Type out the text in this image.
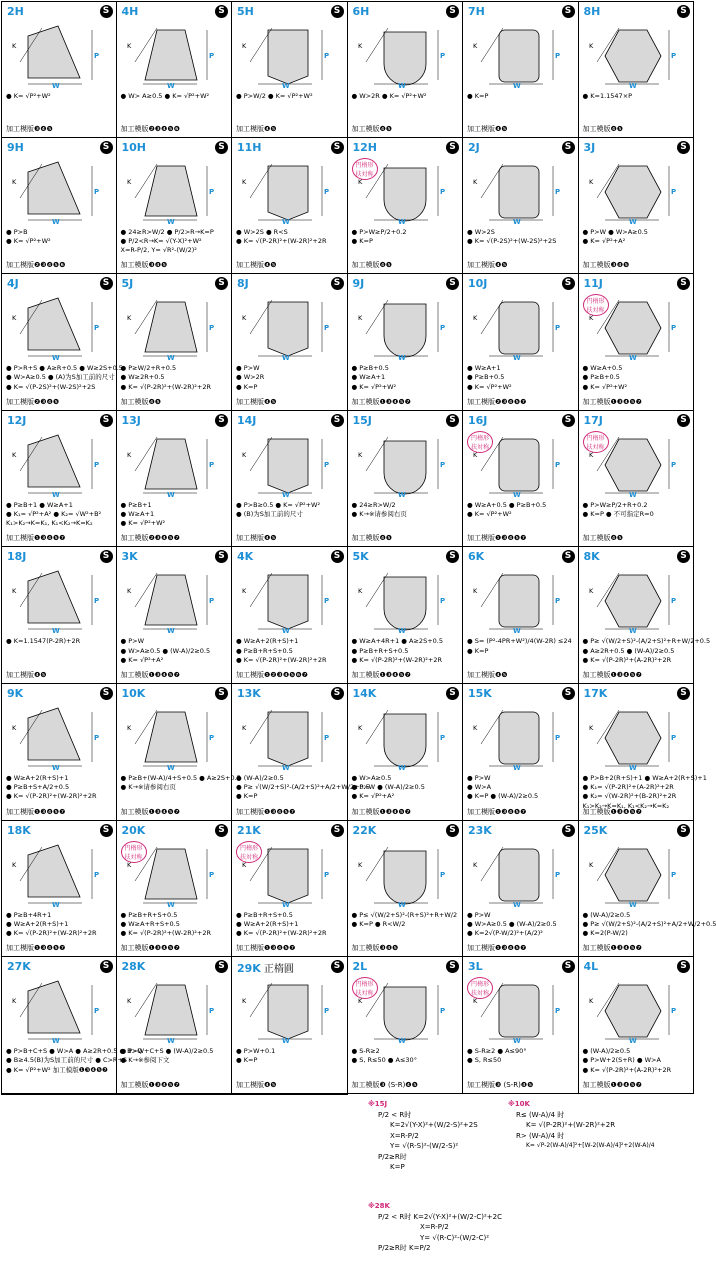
2H	S
W
P
K
● K= √P²+W²
加工模版❸❹❺
4H	S
W
P
K
● W> A≥0.5 ● K= √P²+W²
加工模版❷❸❹❺❻
5H	S
W
P
K
● P>W/2 ● K= √P²+W²
加工模版❹❺
6H	S
W
P
K
● W>2R ● K= √P²+W²
加工模版❹❺
7H	S
W
P
K
● K=P
加工模版❹❺
8H	S
W
P
K
● K=1.1547×P
加工模版❹❺
9H	S
W
P
K
● P>B
● K= √P²+W²
加工模版❷❸❹❺❻
10H	S
W
P
K
● 24≥R>W/2 ● P/2>R→K=P
● P/2<R→K= √(Y-X)²+W²
X=R-P/2, Y= √R²-(W/2)²
加工模版❸❹❺
11H	S
W
P
K
● W>2S ● R<S
● K= √(P-2R)²+(W-2R)²+2R
加工模版❹❺
12H	S
円楕形 扶対称
W
P
K
● P>W≥P/2+0.2
● K=P
加工模版❹❺
2J	S
W
P
K
● W>2S
● K= √(P-2S)²+(W-2S)²+2S
加工模版❹❺
3J	S
W
P
K
● P>W ● W>A≥0.5
● K= √P²+A²
加工模版❸❹❺
4J	S
W
P
K
● P>R+S ● A≥R+0.5 ● W≥2S+0.5
● W>A≥0.5 ● (A)为S加工前的尺寸
● K= √(P-2S)²+(W-2S)²+2S
加工模版❷❸❹❺
5J	S
W
P
K
● P≥W/2+R+0.5
● W≥2R+0.5
● K= √(P-2R)²+(W-2R)²+2R
加工模版❹❺
8J	S
W
P
K
● P>W
● W>2R
● K=P
加工模版❹❺
9J	S
W
P
K
● P≥B+0.5
● W≥A+1
● K= √P²+W²
加工模版❶❸❹❺❼
10J	S
W
P
K
● W≥A+1
● P≥B+0.5
● K= √P²+W²
加工模版❷❸❹❺❼
11J	S
円楕形 扶対称
W
P
K
● W≥A+0.5
● P≥B+0.5
● K= √P²+W²
加工模版❶❸❹❺❼
12J	S
W
P
K
● P≥B+1 ● W≥A+1
● K₁= √P²+A² ● K₂= √W²+B²
K₁>K₂→K=K₁, K₁<K₂→K=K₂
加工模版❶❸❹❺❼
13J	S
W
P
K
● P≥B+1
● W≥A+1
● K= √P²+W²
加工模版❷❸❹❺❼
14J	S
W
P
K
● P>B≥0.5 ● K= √P²+W²
● (B)为S加工前的尺寸
加工模版❹❺
15J	S
W
P
K
● 24≥R>W/2
● K→※请参阅右页
加工模版❹❺
16J	S
円楕形 扶対称
W
P
K
● W≥A+0.5 ● P≥B+0.5
● K= √P²+W²
加工模版❶❸❹❺❼
17J	S
円楕形 扶対称
W
P
K
● P>W≥P/2+R+0.2
● K=P ● 不可指定R=0
加工模版❹❺
18J	S
W
P
K
● K=1.1547(P-2R)+2R
加工模版❹❺
3K	S
W
P
K
● P>W
● W>A≥0.5 ● (W-A)/2≥0.5
● K= √P²+A²
加工模版❶❸❹❺❼
4K	S
W
P
K
● W≥A+2(R+S)+1
● P≥B+R+S+0.5
● K= √(P-2R)²+(W-2R)²+2R
加工模版❶❷❸❹❺❻❼
5K	S
W
P
K
● W≥A+4R+1 ● A≥2S+0.5
● P≥B+R+S+0.5
● K= √(P-2R)²+(W-2R)²+2R
加工模版❶❸❹❺❼
6K	S
W
P
K
● S= (P²-4PR+W²)/4(W-2R) ≤24
● K=P
加工模版❹❺
8K	S
W
P
K
● P≥ √(W/2+S)²-(A/2+S)²+R+W/2+0.5
● A≥2R+0.5 ● (W-A)/2≥0.5
● K= √(P-2R)²+(A-2R)²+2R
加工模版❶❸❹❺❼
9K	S
W
P
K
● W≥A+2(R+S)+1
● P≥B+S+A/2+0.5
● K= √(P-2R)²+(W-2R)²+2R
加工模版❶❸❹❺❼
10K	S
W
P
K
● P≥B+(W-A)/4+S+0.5 ● A≥2S+0.5
● K→※请参阅右页
加工模版❶❸❹❺❼
13K	S
W
P
K
● (W-A)/2≥0.5
● P≥ √(W/2+S)²-(A/2+S)²+A/2+W/2+0.5
● K=P
加工模版❶❸❹❺❼
14K	S
W
P
K
● W>A≥0.5
● P>W ● (W-A)/2≥0.5
● K= √P²+A²
加工模版❶❸❹❺❼
15K	S
W
P
K
● P>W
● W>A
● K=P ● (W-A)/2≥0.5
加工模版❶❸❹❺❼
17K	S
W
P
K
● P>B+2(R+S)+1 ● W≥A+2(R+S)+1
● K₁= √(P-2R)²+(A-2R)²+2R
● K₂= √(W-2R)²+(B-2R)²+2R
K₁>K₂→K=K₁, K₁<K₂→K=K₂
加工模版❶❸❹❺❼
18K	S
W
P
K
● P≥B+4R+1
● W≥A+2(R+S)+1
● K= √(P-2R)²+(W-2R)²+2R
加工模版❶❸❹❺❼
20K	S
円楕形 扶対称
W
P
K
● P≥B+R+S+0.5
● W≥A+R+S+0.5
● K= √(P-2R)²+(W-2R)²+2R
加工模版❶❸❹❺❼
21K	S
円楕形 扶対称
W
P
K
● P≥B+R+S+0.5
● W≥A+2(R+S)+1
● K= √(P-2R)²+(W-2R)²+2R
加工模版❶❸❹❺❼
22K	S
W
P
K
● P≤ √(W/2+S)²-(R+S)²+R+W/2
● K=P ● R<W/2
加工模版❸❹❺
23K	S
W
P
K
● P>W
● W>A≥0.5 ● (W-A)/2≥0.5
● K=2√(P-W/2)²+(A/2)²
加工模版❶❸❹❺❼
25K	S
W
P
K
● (W-A)/2≥0.5
● P≥ √(W/2+S)²-(A/2+S)²+A/2+W/2+0.5
● K=2(P-W/2)
加工模版❶❸❹❺❼
27K	S
W
P
K
● P>B+C+S ● W>A ● A≥2R+0.5 ● B>Q
● B≥4.5(B)为S加工前的尺寸 ● C>R+S
● K= √P²+W² 加工模版❶❸❹❺❼
28K	S
W
P
K
● P>W+C+S ● (W-A)/2≥0.5
● K→※参阅下文
加工模版❶❸❹❺❼
29K 正楕圓	S
W
P
K
● P>W+0.1
● K=P
加工模版❹❺
2L	S
円楕形 扶対称
W
P
K
● S-R≥2
● S, R≤50 ● A≤30°
加工模版❸ (S-R)❹❺
3L	S
円楕形 扶対称
W
P
K
● S-R≥2 ● A≤90°
● S, R≤50
加工模版❸ (S-R)❹❺
4L	S
W
P
K
● (W-A)/2≥0.5
● P>W+2(S+R) ● W>A
● K= √(P-2R)²+(A-2R)²+2R
加工模版❶❸❹❺❼
W
P
K
W
P
K
W
P
K
※15J
P/2 < R时
K=2√(Y-X)²+(W/2-S)²+2S
X=R-P/2
Y= √(R-S)²-(W/2-S)²
P/2≥R时
K=P
※10K
R≤ (W-A)/4 时
K= √(P-2R)²+(W-2R)²+2R
R> (W-A)/4 时
K= √P-2(W-A)/4]²+[W-2(W-A)/4]²+2(W-A)/4
※28K
P/2 < R时 K=2√(Y-X)²+(W/2-C)²+2C
X=R-P/2
Y= √(R-C)²-(W/2-C)²
P/2≥R时 K=P/2
